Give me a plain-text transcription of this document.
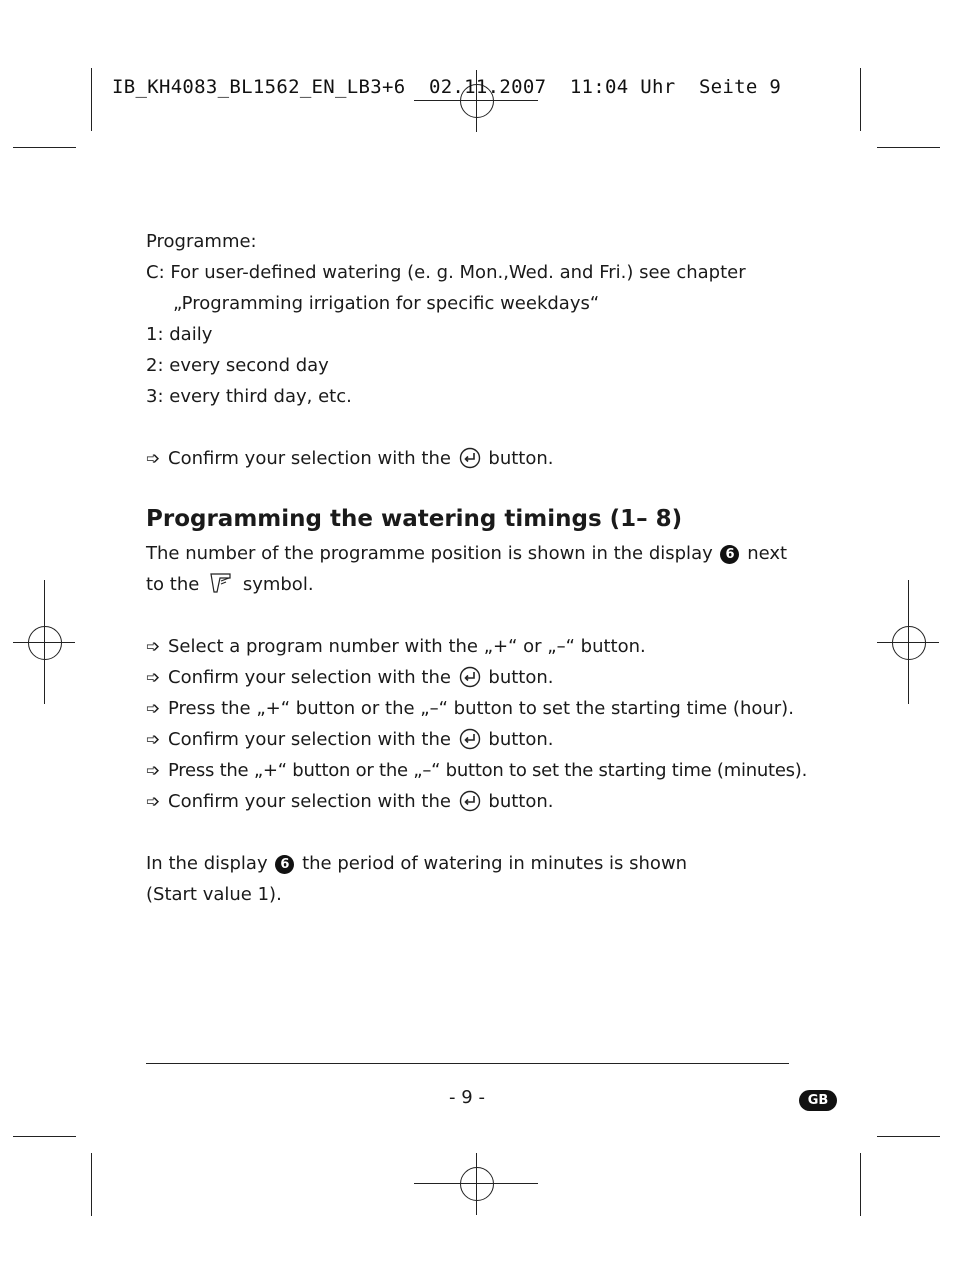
IB_KH4083_BL1562_EN_LB3+6  02.11.2007  11:04 Uhr  Seite 9
Programme:
C: For user-defined watering (e. g. Mon.,Wed. and Fri.) see chapter
„Programming irrigation for specific weekdays“
1: daily
2: every second day
3: every third day, etc.
➩ Confirm your selection with the button.
Programming the watering timings (1– 8)
The number of the programme position is shown in the display 6 next
to the symbol.
➩ Select a program number with the „+“ or „–“ button.
➩ Confirm your selection with the button.
➩ Press the „+“ button or the „–“ button to set the starting time (hour).
➩ Confirm your selection with the button.
➩ Press the „+“ button or the „–“ button to set the starting time (minutes).
➩ Confirm your selection with the button.
In the display 6 the period of watering in minutes is shown
(Start value 1).
- 9 -	GB
